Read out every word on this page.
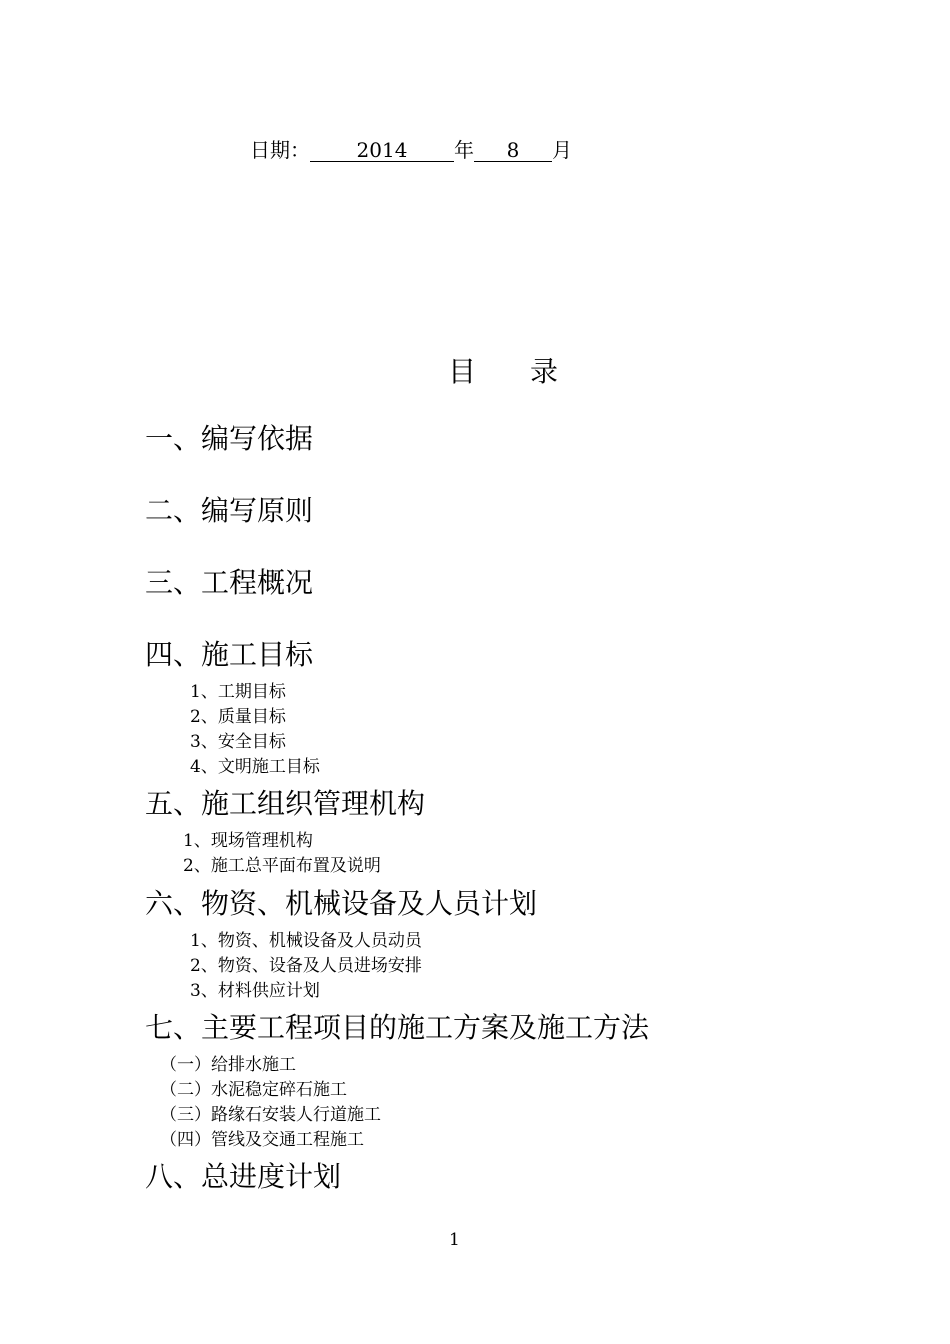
日期： 2014 年 8 月
目录
一、编写依据
二、编写原则
三、工程概况
四、施工目标
1、工期目标
2、质量目标
3、安全目标
4、文明施工目标
五、施工组织管理机构
1、现场管理机构
2、施工总平面布置及说明
六、物资、机械设备及人员计划
1、物资、机械设备及人员动员
2、物资、设备及人员进场安排
3、材料供应计划
七、主要工程项目的施工方案及施工方法
（一）给排水施工
（二）水泥稳定碎石施工
（三）路缘石安装人行道施工
（四）管线及交通工程施工
八、总进度计划
1
